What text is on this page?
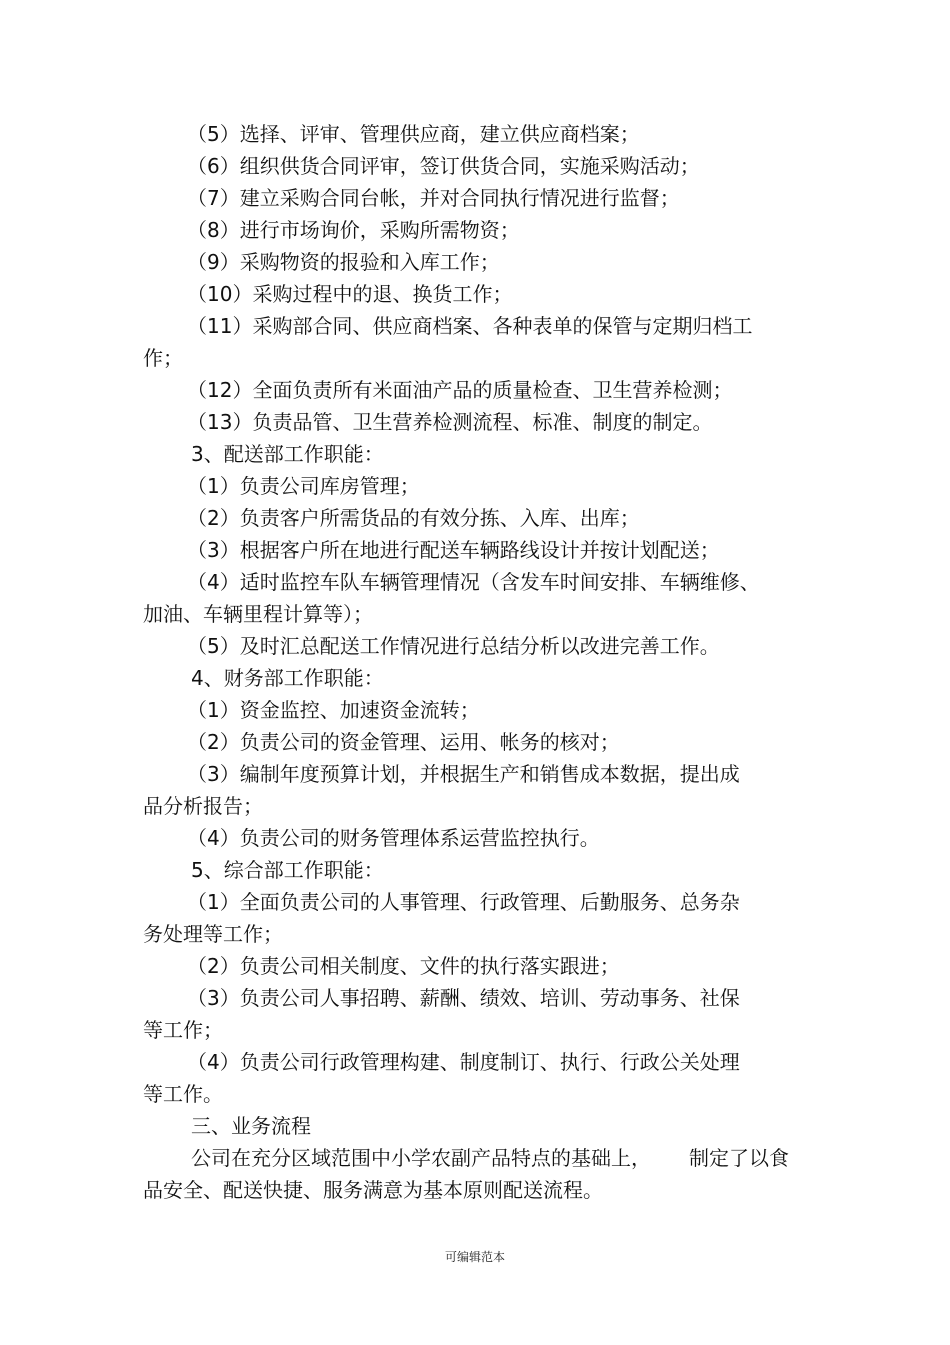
（5）选择、评审、管理供应商，建立供应商档案；
（6）组织供货合同评审，签订供货合同，实施采购活动；
（7）建立采购合同台帐，并对合同执行情况进行监督；
（8）进行市场询价，采购所需物资；
（9）采购物资的报验和入库工作；
（10）采购过程中的退、换货工作；
（11）采购部合同、供应商档案、各种表单的保管与定期归档工
作；
（12）全面负责所有米面油产品的质量检查、卫生营养检测；
（13）负责品管、卫生营养检测流程、标准、制度的制定。
3、配送部工作职能：
（1）负责公司库房管理；
（2）负责客户所需货品的有效分拣、入库、出库；
（3）根据客户所在地进行配送车辆路线设计并按计划配送；
（4）适时监控车队车辆管理情况（含发车时间安排、车辆维修、
加油、车辆里程计算等）；
（5）及时汇总配送工作情况进行总结分析以改进完善工作。
4、财务部工作职能：
（1）资金监控、加速资金流转；
（2）负责公司的资金管理、运用、帐务的核对；
（3）编制年度预算计划，并根据生产和销售成本数据，提出成
品分析报告；
（4）负责公司的财务管理体系运营监控执行。
5、综合部工作职能：
（1）全面负责公司的人事管理、行政管理、后勤服务、总务杂
务处理等工作；
（2）负责公司相关制度、文件的执行落实跟进；
（3）负责公司人事招聘、薪酬、绩效、培训、劳动事务、社保
等工作；
（4）负责公司行政管理构建、制度制订、执行、行政公关处理
等工作。
三、业务流程
公司在充分区域范围中小学农副产品特点的基础上， 制定了以食
品安全、配送快捷、服务满意为基本原则配送流程。
可编辑范本
